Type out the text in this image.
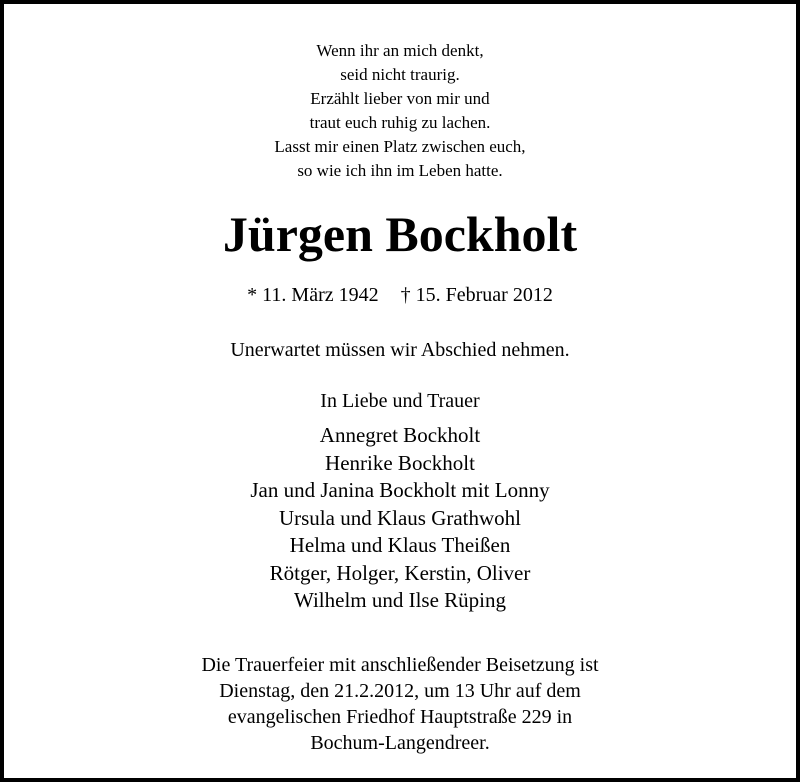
Wenn ihr an mich denkt,
seid nicht traurig.
Erzählt lieber von mir und
traut euch ruhig zu lachen.
Lasst mir einen Platz zwischen euch,
so wie ich ihn im Leben hatte.
Jürgen Bockholt
* 11. März 1942 † 15. Februar 2012
Unerwartet müssen wir Abschied nehmen.
In Liebe und Trauer
Annegret Bockholt
Henrike Bockholt
Jan und Janina Bockholt mit Lonny
Ursula und Klaus Grathwohl
Helma und Klaus Theißen
Rötger, Holger, Kerstin, Oliver
Wilhelm und Ilse Rüping
Die Trauerfeier mit anschließender Beisetzung ist
Dienstag, den 21.2.2012, um 13 Uhr auf dem
evangelischen Friedhof Hauptstraße 229 in
Bochum-Langendreer.
